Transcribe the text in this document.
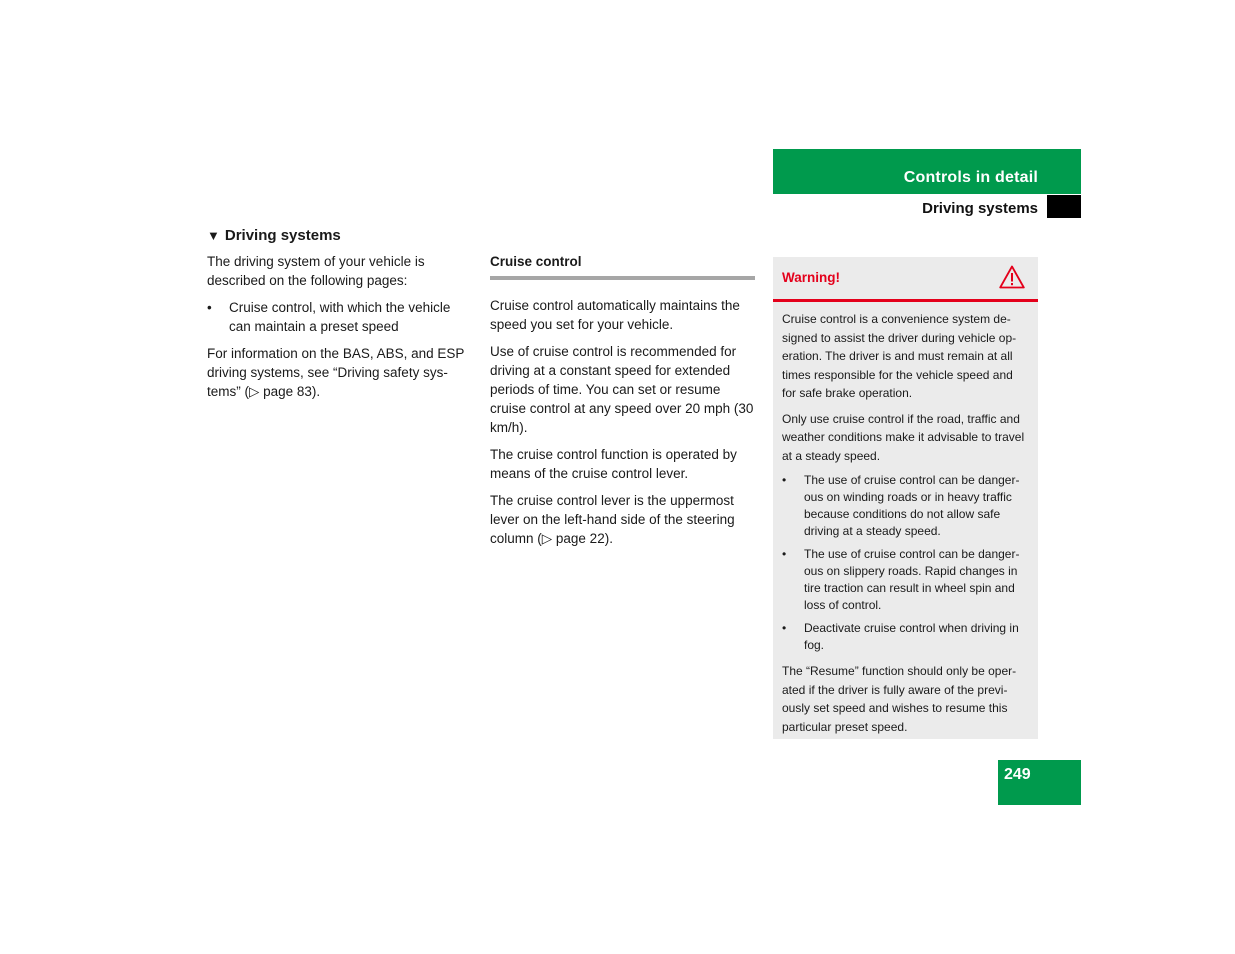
Controls in detail
Driving systems
▼ Driving systems

The driving system of your vehicle is described on the following pages:

• Cruise control, with which the vehicle can maintain a preset speed

For information on the BAS, ABS, and ESP driving systems, see “Driving safety sys-tems” (▷ page 83).

Cruise control

Cruise control automatically maintains the speed you set for your vehicle.

Use of cruise control is recommended for driving at a constant speed for extended periods of time. You can set or resume cruise control at any speed over 20 mph (30 km/h).

The cruise control function is operated by means of the cruise control lever.

The cruise control lever is the uppermost lever on the left-hand side of the steering column (▷ page 22).

Warning!

Cruise control is a convenience system de-signed to assist the driver during vehicle op-eration. The driver is and must remain at all times responsible for the vehicle speed and for safe brake operation.

Only use cruise control if the road, traffic and weather conditions make it advisable to travel at a steady speed.

• The use of cruise control can be danger-ous on winding roads or in heavy traffic because conditions do not allow safe driving at a steady speed.
• The use of cruise control can be danger-ous on slippery roads. Rapid changes in tire traction can result in wheel spin and loss of control.
• Deactivate cruise control when driving in fog.

The “Resume” function should only be oper-ated if the driver is fully aware of the previ-ously set speed and wishes to resume this particular preset speed.

249
